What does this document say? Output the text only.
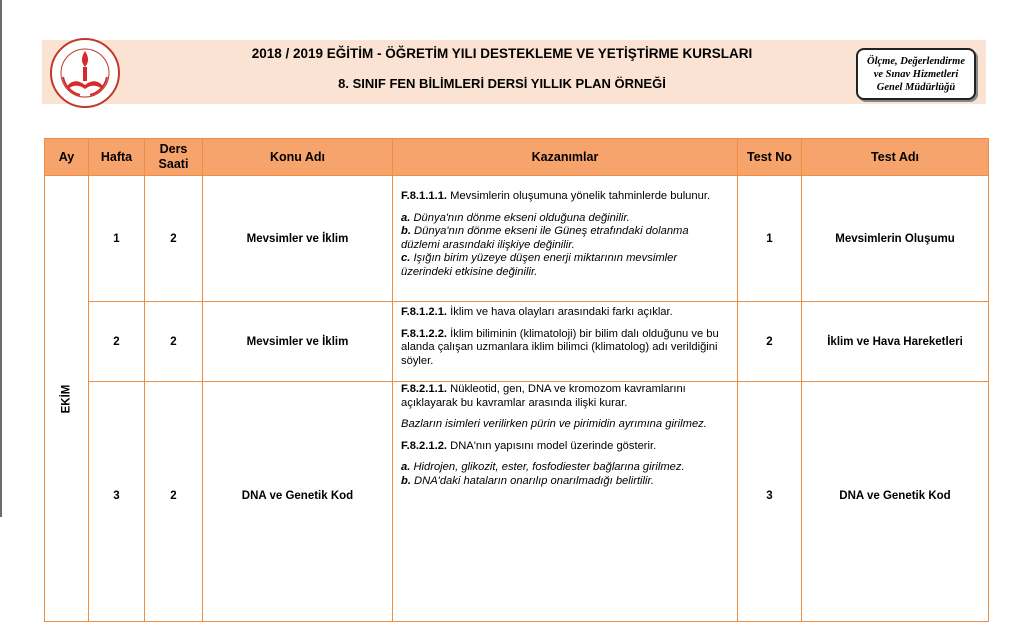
2018 / 2019 EĞİTİM - ÖĞRETİM YILI DESTEKLEME VE YETİŞTİRME KURSLARI
8. SINIF FEN BİLİMLERİ DERSİ YILLIK PLAN ÖRNEĞİ
Ölçme, Değerlendirme
ve Sınav Hizmetleri
Genel Müdürlüğü
Ay	Hafta	Ders Saati	Konu Adı	Kazanımlar	Test No	Test Adı
EKİM	1	2	Mevsimler ve İklim	F.8.1.1.1. Mevsimlerin oluşumuna yönelik tahminlerde bulunur.

a. Dünya'nın dönme ekseni olduğuna değinilir.
b. Dünya'nın dönme ekseni ile Güneş etrafındaki dolanma düzlemi arasındaki ilişkiye değinilir.
c. Işığın birim yüzeye düşen enerji miktarının mevsimler üzerindeki etkisine değinilir.	1	Mevsimlerin Oluşumu
	2	2	Mevsimler ve İklim	F.8.1.2.1. İklim ve hava olayları arasındaki farkı açıklar.

F.8.1.2.2. İklim biliminin (klimatoloji) bir bilim dalı olduğunu ve bu alanda çalışan uzmanlara iklim bilimci (klimatolog) adı verildiğini söyler.	2	İklim ve Hava Hareketleri
	3	2	DNA ve Genetik Kod	F.8.2.1.1. Nükleotid, gen, DNA ve kromozom kavramlarını açıklayarak bu kavramlar arasında ilişki kurar.

Bazların isimleri verilirken pürin ve pirimidin ayrımına girilmez.

F.8.2.1.2. DNA'nın yapısını model üzerinde gösterir.

a. Hidrojen, glikozit, ester, fosfodiester bağlarına girilmez.
b. DNA'daki hataların onarılıp onarılmadığı belirtilir.	3	DNA ve Genetik Kod
